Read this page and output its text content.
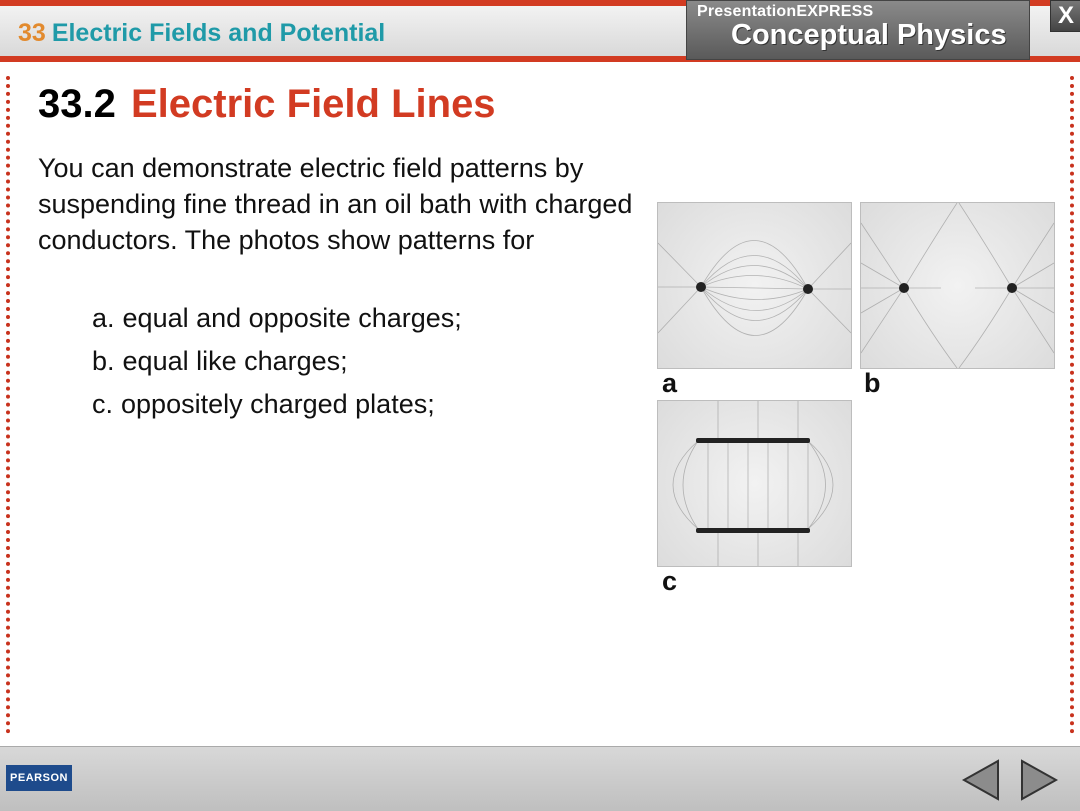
33 Electric Fields and Potential
PresentationEXPRESS
Conceptual Physics
X
33.2 Electric Field Lines
You can demonstrate electric field patterns by suspending fine thread in an oil bath with charged conductors. The photos show patterns for
a. equal and opposite charges;
b. equal like charges;
c. oppositely charged plates;
a	b
c
PEARSON
